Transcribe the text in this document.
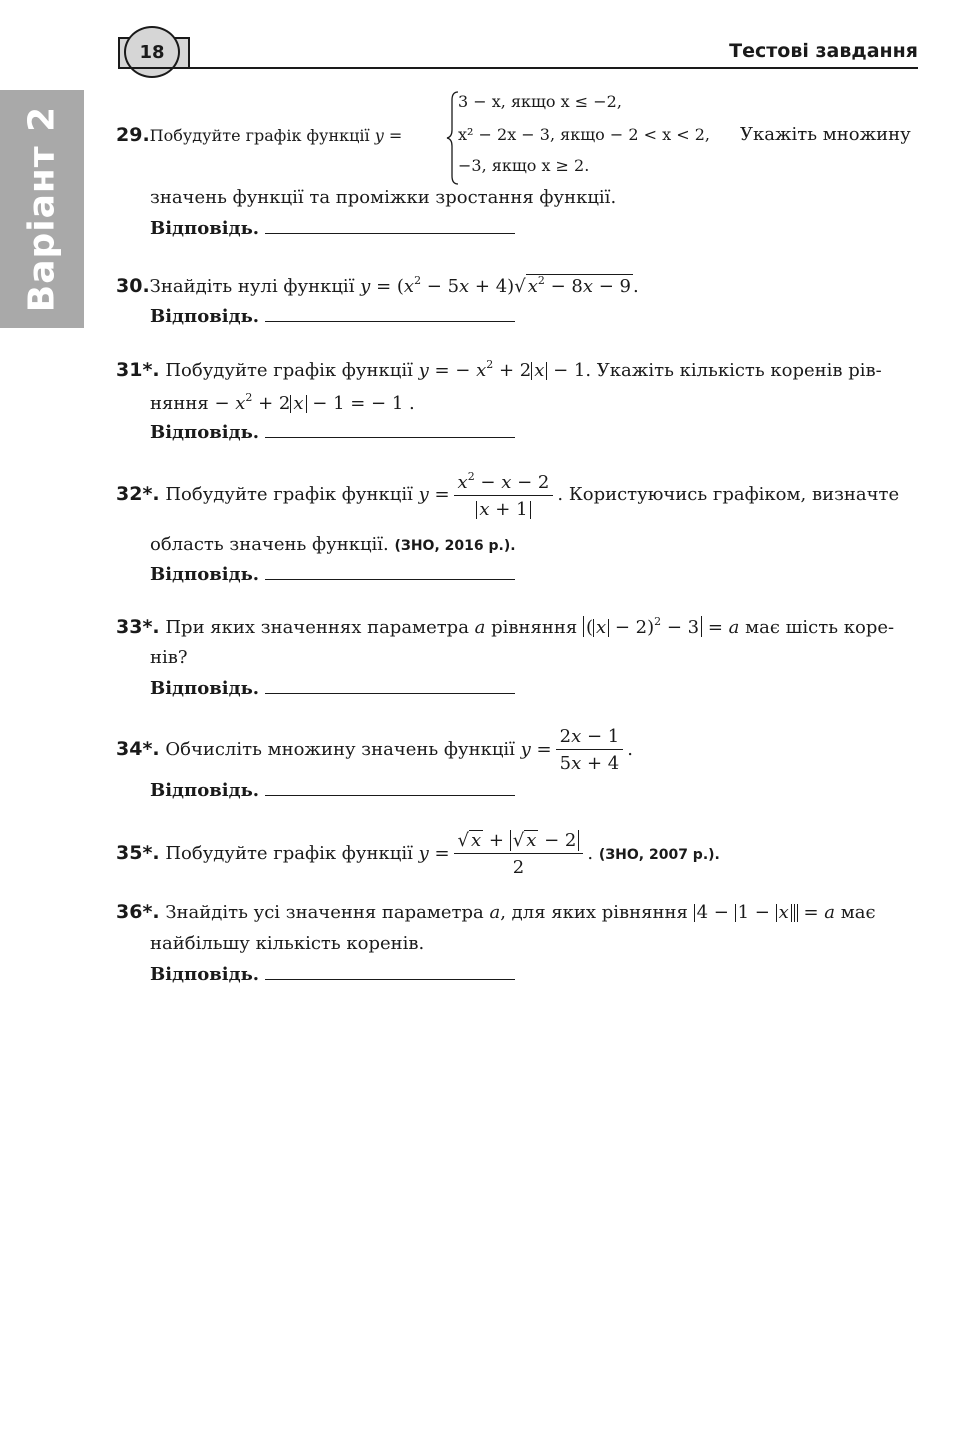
18	Тестові завдання
Варіант 2	29.Побудуйте графік функції y =
3 − x, якщо x ≤ −2,
x² − 2x − 3, якщо − 2 < x < 2,
−3, якщо x ≥ 2.
Укажіть множину
значень функції та проміжки зростання функції.
Відповідь.
30.Знайдіть нулі функції $y = (x^2 - 5x + 4)√$ $x^2 - 8x - 9$ .
Відповідь.
31*. Побудуйте графік функції y = − $x^2 + 2$ x − 1. Укажіть кількість коренів рів-
няння − $x^2 + 2$ x − 1 = − 1 .
Відповідь.
32*. Побудуйте графік функції $y = \frac{x^2 - x - 2}{x + 1}$ . Користуючись графіком, визначте
область значень функції. (ЗНО, 2016 р.).
Відповідь.
33*. При яких значеннях параметра a рівняння ( x − 2)$^2$ − 3 = a має шість коре-
нів?
Відповідь.
34*. Обчисліть множину значень функції $y = \frac{2x - 1}{5x + 4}$ .
Відповідь.
35*. Побудуйте графік функції $y = \frac{√ x + √ x - 2}{2}$ . (ЗНО, 2007 р.).
36*. Знайдіть усі значення параметра a, для яких рівняння 4 − 1 − x = a має
найбільшу кількість коренів.
Відповідь.
